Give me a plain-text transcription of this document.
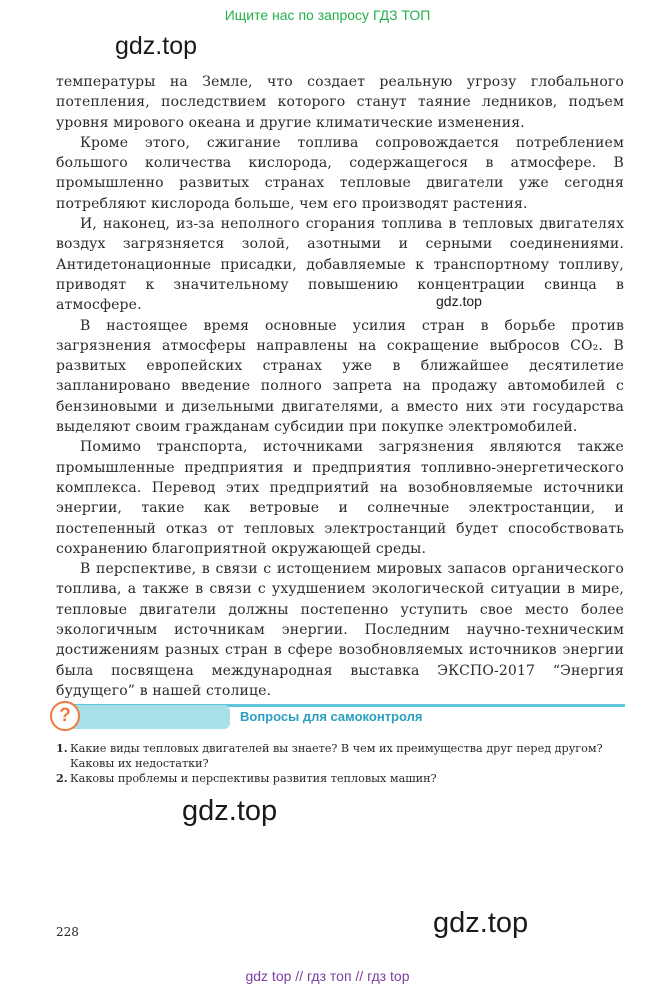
Ищите нас по запросу ГДЗ ТОП
gdz.top

температуры на Земле, что создает реальную угрозу глобального потепления, последствием которого станут таяние ледников, подъем уровня мирового океана и другие климатические изменения.

Кроме этого, сжигание топлива сопровождается потреблением большого количества кислорода, содержащегося в атмосфере. В промышленно развитых странах тепловые двигатели уже сегодня потребляют кислорода больше, чем его производят растения.

И, наконец, из-за неполного сгорания топлива в тепловых двигателях воздух загрязняется золой, азотными и серными соединениями. Антидетонационные присадки, добавляемые к транспортному топливу, приводят к значительному повышению концентрации свинца в атмосфере.

В настоящее время основные усилия стран в борьбе против загрязнения атмосферы направлены на сокращение выбросов CO₂. В развитых европейских странах уже в ближайшее десятилетие запланировано введение полного запрета на продажу автомобилей с бензиновыми и дизельными двигателями, а вместо них эти государства выделяют своим гражданам субсидии при покупке электромобилей.

Помимо транспорта, источниками загрязнения являются также промышленные предприятия и предприятия топливно-энергетического комплекса. Перевод этих предприятий на возобновляемые источники энергии, такие как ветровые и солнечные электростанции, и постепенный отказ от тепловых электростанций будет способствовать сохранению благоприятной окружающей среды.

В перспективе, в связи с истощением мировых запасов органического топлива, а также в связи с ухудшением экологической ситуации в мире, тепловые двигатели должны постепенно уступить свое место более экологичным источникам энергии. Последним научно-техническим достижениям разных стран в сфере возобновляемых источников энергии была посвящена международная выставка ЭКСПО-2017 “Энергия будущего” в нашей столице.

gdz.top
?	Вопросы для самоконтроля
1. Какие виды тепловых двигателей вы знаете? В чем их преимущества друг перед другом? Каковы их недостатки?
2. Каковы проблемы и перспективы развития тепловых машин?
gdz.top
228	gdz.top
gdz top // гдз топ // гдз top
